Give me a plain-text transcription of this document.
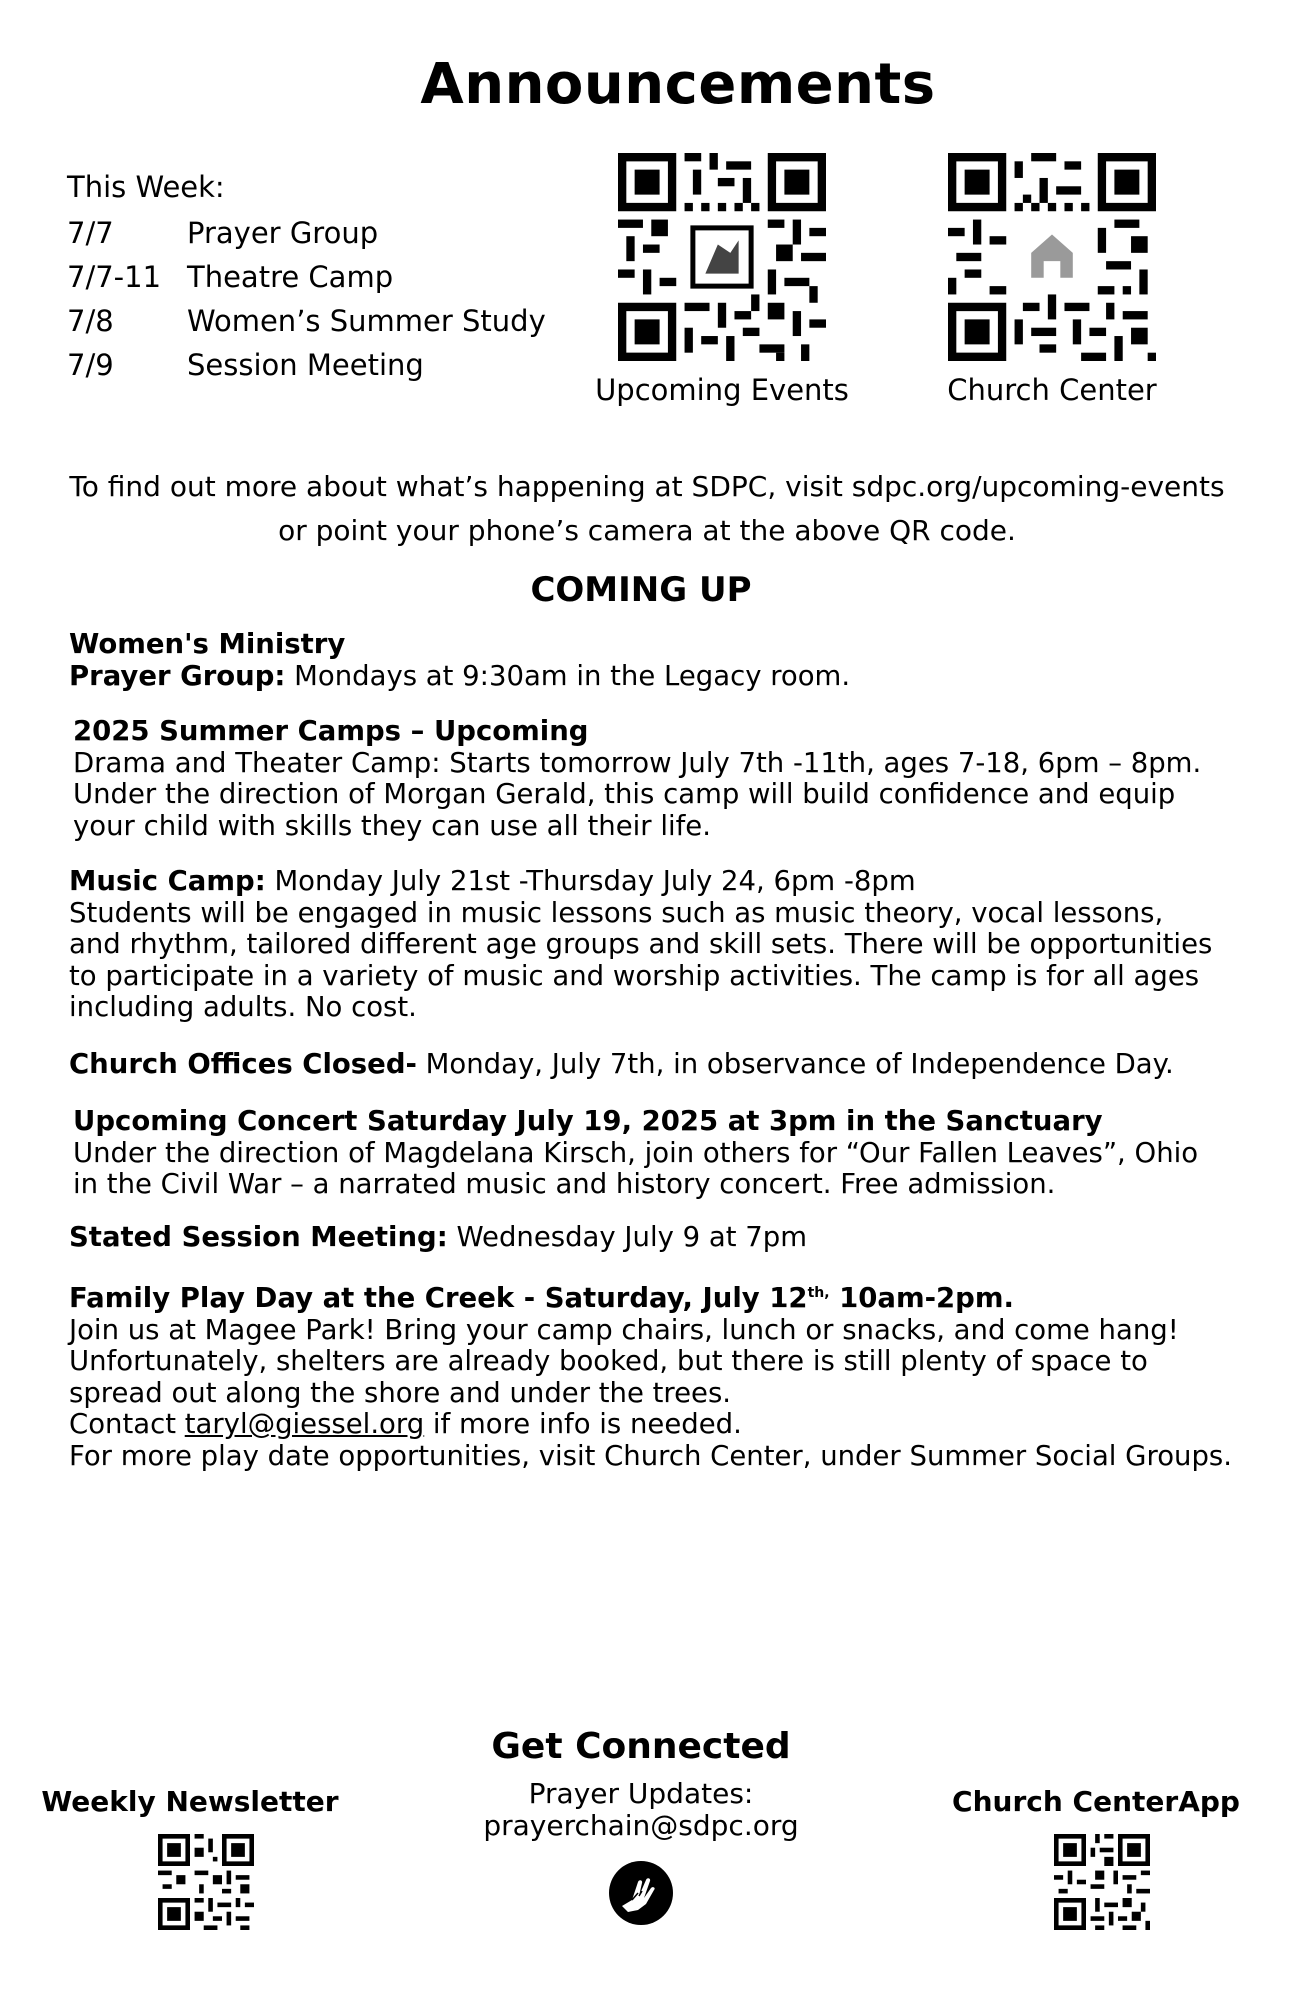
Announcements
This Week:
7/7	Prayer Group
7/7-11 Theatre Camp
7/8	Women’s Summer Study
7/9	Session Meeting
Upcoming Events	Church Center
To find out more about what’s happening at SDPC, visit sdpc.org/upcoming-events
or point your phone’s camera at the above QR code.
COMING UP
Women's Ministry
Prayer Group: Mondays at 9:30am in the Legacy room.
2025 Summer Camps – Upcoming
Drama and Theater Camp: Starts tomorrow July 7th -11th, ages 7-18, 6pm – 8pm.
Under the direction of Morgan Gerald, this camp will build confidence and equip
your child with skills they can use all their life.
Music Camp: Monday July 21st -Thursday July 24, 6pm -8pm
Students will be engaged in music lessons such as music theory, vocal lessons,
and rhythm, tailored different age groups and skill sets. There will be opportunities
to participate in a variety of music and worship activities. The camp is for all ages
including adults. No cost.
Church Offices Closed- Monday, July 7th, in observance of Independence Day.
Upcoming Concert Saturday July 19, 2025 at 3pm in the Sanctuary
Under the direction of Magdelana Kirsch, join others for “Our Fallen Leaves”, Ohio
in the Civil War – a narrated music and history concert. Free admission.
Stated Session Meeting: Wednesday July 9 at 7pm
Family Play Day at the Creek - Saturday, July $12^{th,}$ 10am-2pm.
Join us at Magee Park! Bring your camp chairs, lunch or snacks, and come hang!
Unfortunately, shelters are already booked, but there is still plenty of space to
spread out along the shore and under the trees.
Contact taryl@giessel.org if more info is needed.
For more play date opportunities, visit Church Center, under Summer Social Groups.
Get Connected
Prayer Updates:
prayerchain@sdpc.org
Weekly Newsletter	Church CenterApp
